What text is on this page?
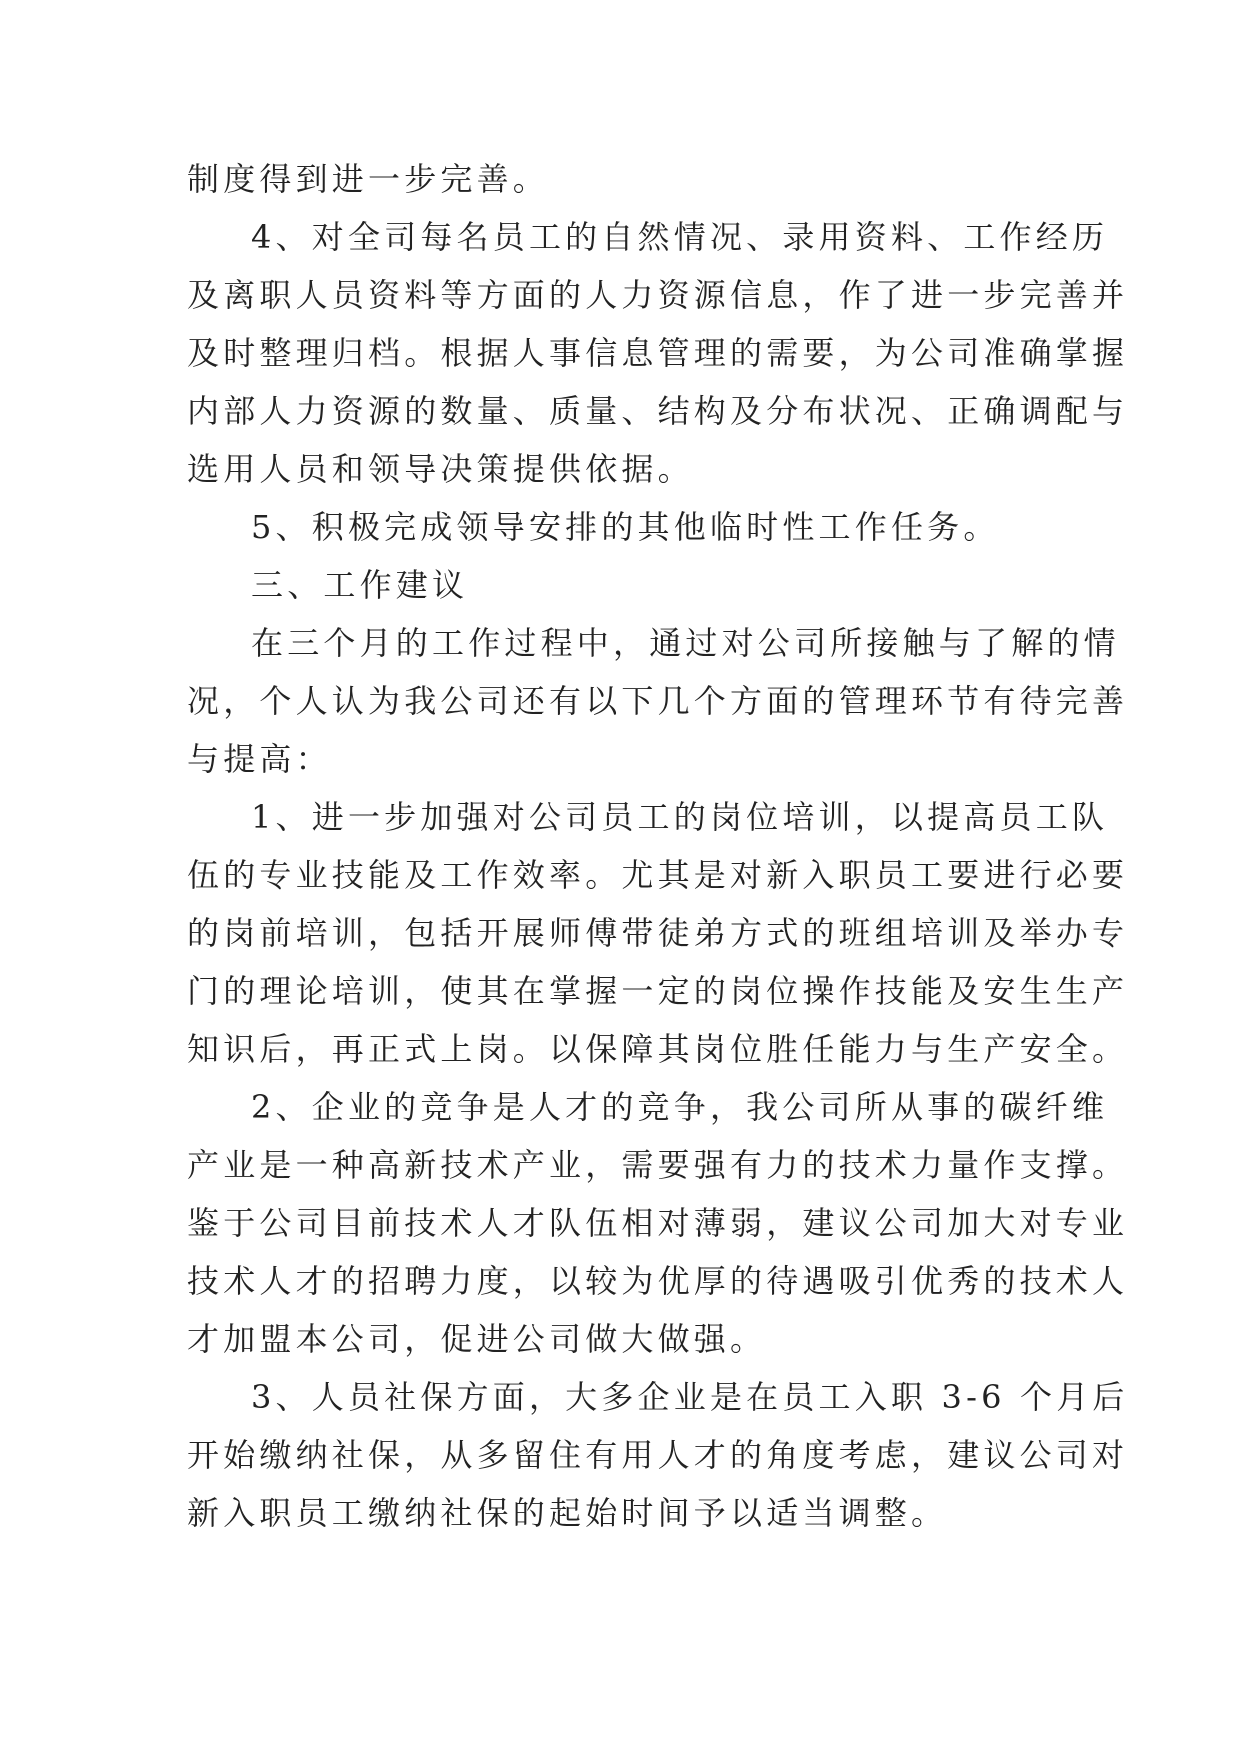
制度得到进一步完善。
4、对全司每名员工的自然情况、录用资料、工作经历
及离职人员资料等方面的人力资源信息，作了进一步完善并
及时整理归档。根据人事信息管理的需要，为公司准确掌握
内部人力资源的数量、质量、结构及分布状况、正确调配与
选用人员和领导决策提供依据。
5、积极完成领导安排的其他临时性工作任务。
三、工作建议
在三个月的工作过程中，通过对公司所接触与了解的情
况，个人认为我公司还有以下几个方面的管理环节有待完善
与提高：
1、进一步加强对公司员工的岗位培训，以提高员工队
伍的专业技能及工作效率。尤其是对新入职员工要进行必要
的岗前培训，包括开展师傅带徒弟方式的班组培训及举办专
门的理论培训，使其在掌握一定的岗位操作技能及安生生产
知识后，再正式上岗。以保障其岗位胜任能力与生产安全。
2、企业的竞争是人才的竞争，我公司所从事的碳纤维
产业是一种高新技术产业，需要强有力的技术力量作支撑。
鉴于公司目前技术人才队伍相对薄弱，建议公司加大对专业
技术人才的招聘力度，以较为优厚的待遇吸引优秀的技术人
才加盟本公司，促进公司做大做强。
3、人员社保方面，大多企业是在员工入职 3-6 个月后
开始缴纳社保，从多留住有用人才的角度考虑，建议公司对
新入职员工缴纳社保的起始时间予以适当调整。
